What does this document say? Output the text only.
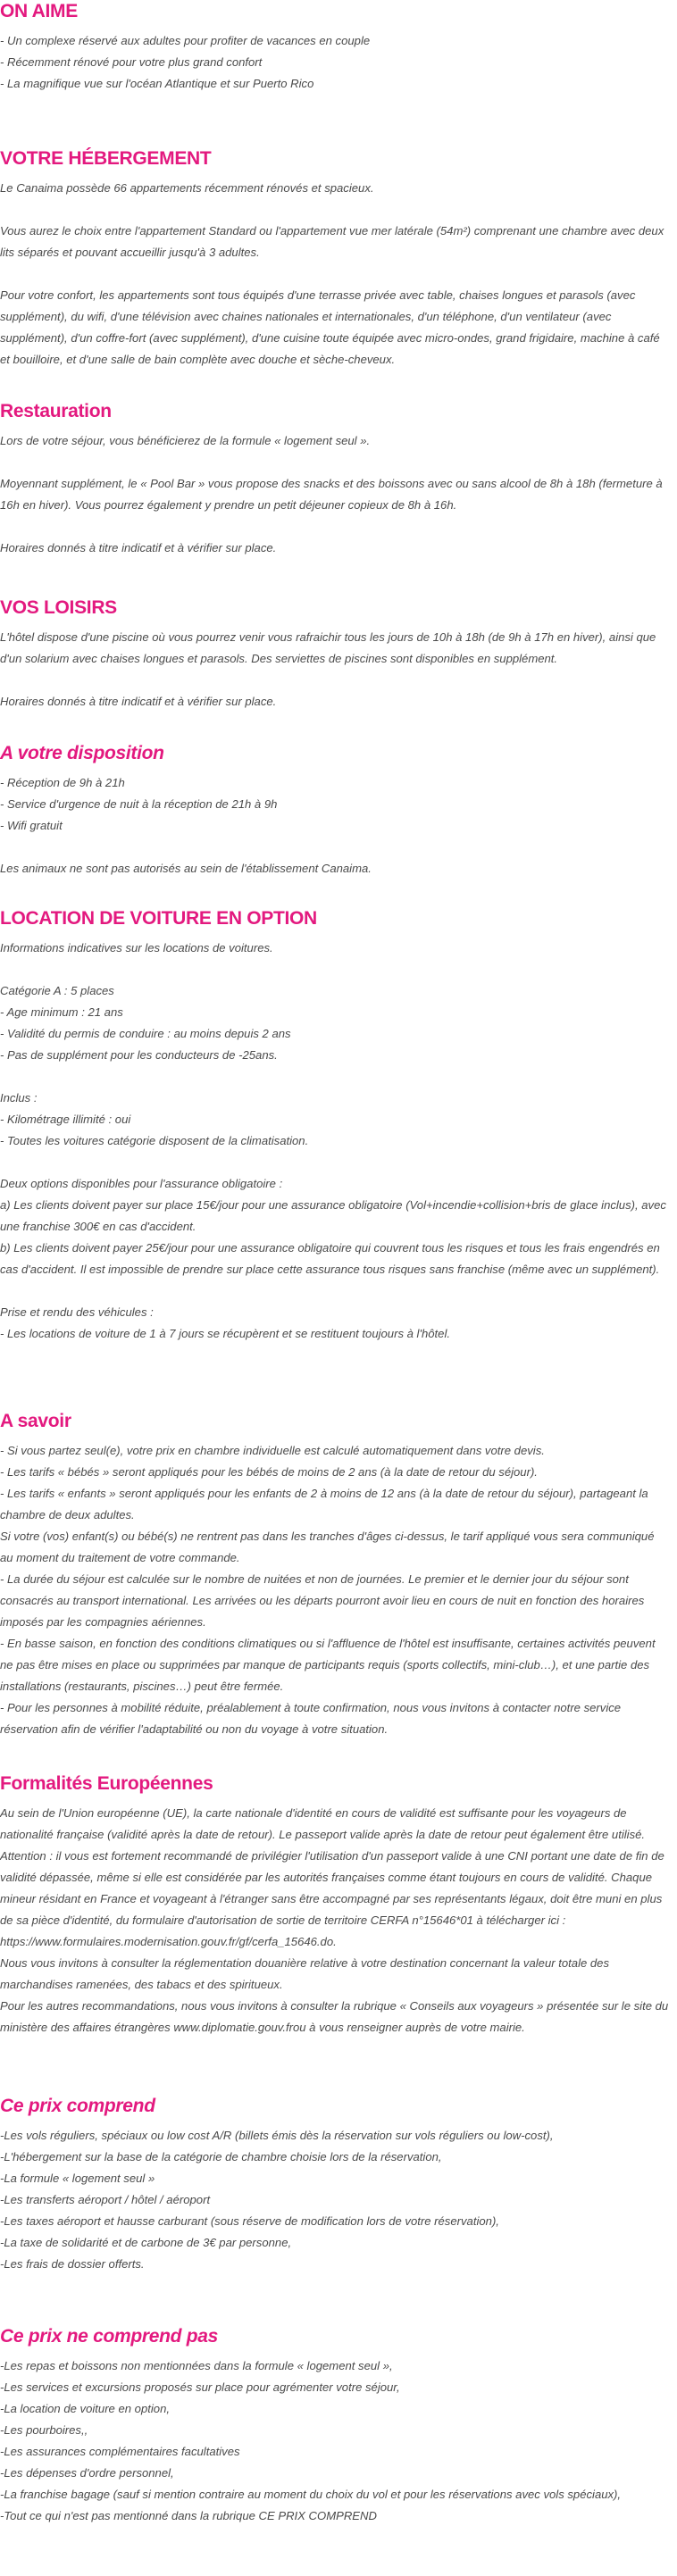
ON AIME
- Un complexe réservé aux adultes pour profiter de vacances en couple
- Récemment rénové pour votre plus grand confort
- La magnifique vue sur l'océan Atlantique et sur Puerto Rico
VOTRE HÉBERGEMENT
Le Canaima possède 66 appartements récemment rénovés et spacieux.

Vous aurez le choix entre l'appartement Standard ou l'appartement vue mer latérale (54m²) comprenant une chambre avec deux lits séparés et pouvant accueillir jusqu'à 3 adultes.

Pour votre confort, les appartements sont tous équipés d'une terrasse privée avec table, chaises longues et parasols (avec supplément), du wifi, d'une télévision avec chaines nationales et internationales, d'un téléphone, d'un ventilateur (avec supplément), d'un coffre-fort (avec supplément), d'une cuisine toute équipée avec micro-ondes, grand frigidaire, machine à café et bouilloire, et d'une salle de bain complète avec douche et sèche-cheveux.
Restauration
Lors de votre séjour, vous bénéficierez de la formule « logement seul ».

Moyennant supplément, le « Pool Bar » vous propose des snacks et des boissons avec ou sans alcool de 8h à 18h (fermeture à 16h en hiver). Vous pourrez également y prendre un petit déjeuner copieux de 8h à 16h.

Horaires donnés à titre indicatif et à vérifier sur place.
VOS LOISIRS
L'hôtel dispose d'une piscine où vous pourrez venir vous rafraichir tous les jours de 10h à 18h (de 9h à 17h en hiver), ainsi que d'un solarium avec chaises longues et parasols. Des serviettes de piscines sont disponibles en supplément.

Horaires donnés à titre indicatif et à vérifier sur place.
A votre disposition
- Réception de 9h à 21h
- Service d'urgence de nuit à la réception de 21h à 9h
- Wifi gratuit

Les animaux ne sont pas autorisés au sein de l'établissement Canaima.
LOCATION DE VOITURE EN OPTION
Informations indicatives sur les locations de voitures.

Catégorie A : 5 places
- Age minimum : 21 ans
- Validité du permis de conduire : au moins depuis 2 ans
- Pas de supplément pour les conducteurs de -25ans.

Inclus :
- Kilométrage illimité : oui
- Toutes les voitures catégorie disposent de la climatisation.

Deux options disponibles pour l'assurance obligatoire :
a) Les clients doivent payer sur place 15€/jour pour une assurance obligatoire (Vol+incendie+collision+bris de glace inclus), avec une franchise 300€ en cas d'accident.
b) Les clients doivent payer 25€/jour pour une assurance obligatoire qui couvrent tous les risques et tous les frais engendrés en cas d'accident. Il est impossible de prendre sur place cette assurance tous risques sans franchise (même avec un supplément).

Prise et rendu des véhicules :
- Les locations de voiture de 1 à 7 jours se récupèrent et se restituent toujours à l'hôtel.
A savoir
- Si vous partez seul(e), votre prix en chambre individuelle est calculé automatiquement dans votre devis.
- Les tarifs « bébés » seront appliqués pour les bébés de moins de 2 ans (à la date de retour du séjour).
- Les tarifs « enfants » seront appliqués pour les enfants de 2 à moins de 12 ans (à la date de retour du séjour), partageant la chambre de deux adultes.
Si votre (vos) enfant(s) ou bébé(s) ne rentrent pas dans les tranches d'âges ci-dessus, le tarif appliqué vous sera communiqué au moment du traitement de votre commande.
- La durée du séjour est calculée sur le nombre de nuitées et non de journées. Le premier et le dernier jour du séjour sont consacrés au transport international. Les arrivées ou les départs pourront avoir lieu en cours de nuit en fonction des horaires imposés par les compagnies aériennes.
- En basse saison, en fonction des conditions climatiques ou si l'affluence de l'hôtel est insuffisante, certaines activités peuvent ne pas être mises en place ou supprimées par manque de participants requis (sports collectifs, mini-club…), et une partie des installations (restaurants, piscines…) peut être fermée.
- Pour les personnes à mobilité réduite, préalablement à toute confirmation, nous vous invitons à contacter notre service réservation afin de vérifier l'adaptabilité ou non du voyage à votre situation.
Formalités Européennes
Au sein de l'Union européenne (UE), la carte nationale d'identité en cours de validité est suffisante pour les voyageurs de nationalité française (validité après la date de retour). Le passeport valide après la date de retour peut également être utilisé. Attention : il vous est fortement recommandé de privilégier l'utilisation d'un passeport valide à une CNI portant une date de fin de validité dépassée, même si elle est considérée par les autorités françaises comme étant toujours en cours de validité. Chaque mineur résidant en France et voyageant à l'étranger sans être accompagné par ses représentants légaux, doit être muni en plus de sa pièce d'identité, du formulaire d'autorisation de sortie de territoire CERFA n°15646*01 à télécharger ici :
https://www.formulaires.modernisation.gouv.fr/gf/cerfa_15646.do.
Nous vous invitons à consulter la réglementation douanière relative à votre destination concernant la valeur totale des marchandises ramenées, des tabacs et des spiritueux.
Pour les autres recommandations, nous vous invitons à consulter la rubrique « Conseils aux voyageurs » présentée sur le site du ministère des affaires étrangères www.diplomatie.gouv.frou à vous renseigner auprès de votre mairie.
Ce prix comprend
-Les vols réguliers, spéciaux ou low cost A/R (billets émis dès la réservation sur vols réguliers ou low-cost),
-L'hébergement sur la base de la catégorie de chambre choisie lors de la réservation,
-La formule « logement seul »
-Les transferts aéroport / hôtel / aéroport
-Les taxes aéroport et hausse carburant (sous réserve de modification lors de votre réservation),
-La taxe de solidarité et de carbone de 3€ par personne,
-Les frais de dossier offerts.
Ce prix ne comprend pas
-Les repas et boissons non mentionnées dans la formule « logement seul »,
-Les services et excursions proposés sur place pour agrémenter votre séjour,
-La location de voiture en option,
-Les pourboires,,
-Les assurances complémentaires facultatives
-Les dépenses d'ordre personnel,
-La franchise bagage (sauf si mention contraire au moment du choix du vol et pour les réservations avec vols spéciaux),
-Tout ce qui n'est pas mentionné dans la rubrique CE PRIX COMPREND
